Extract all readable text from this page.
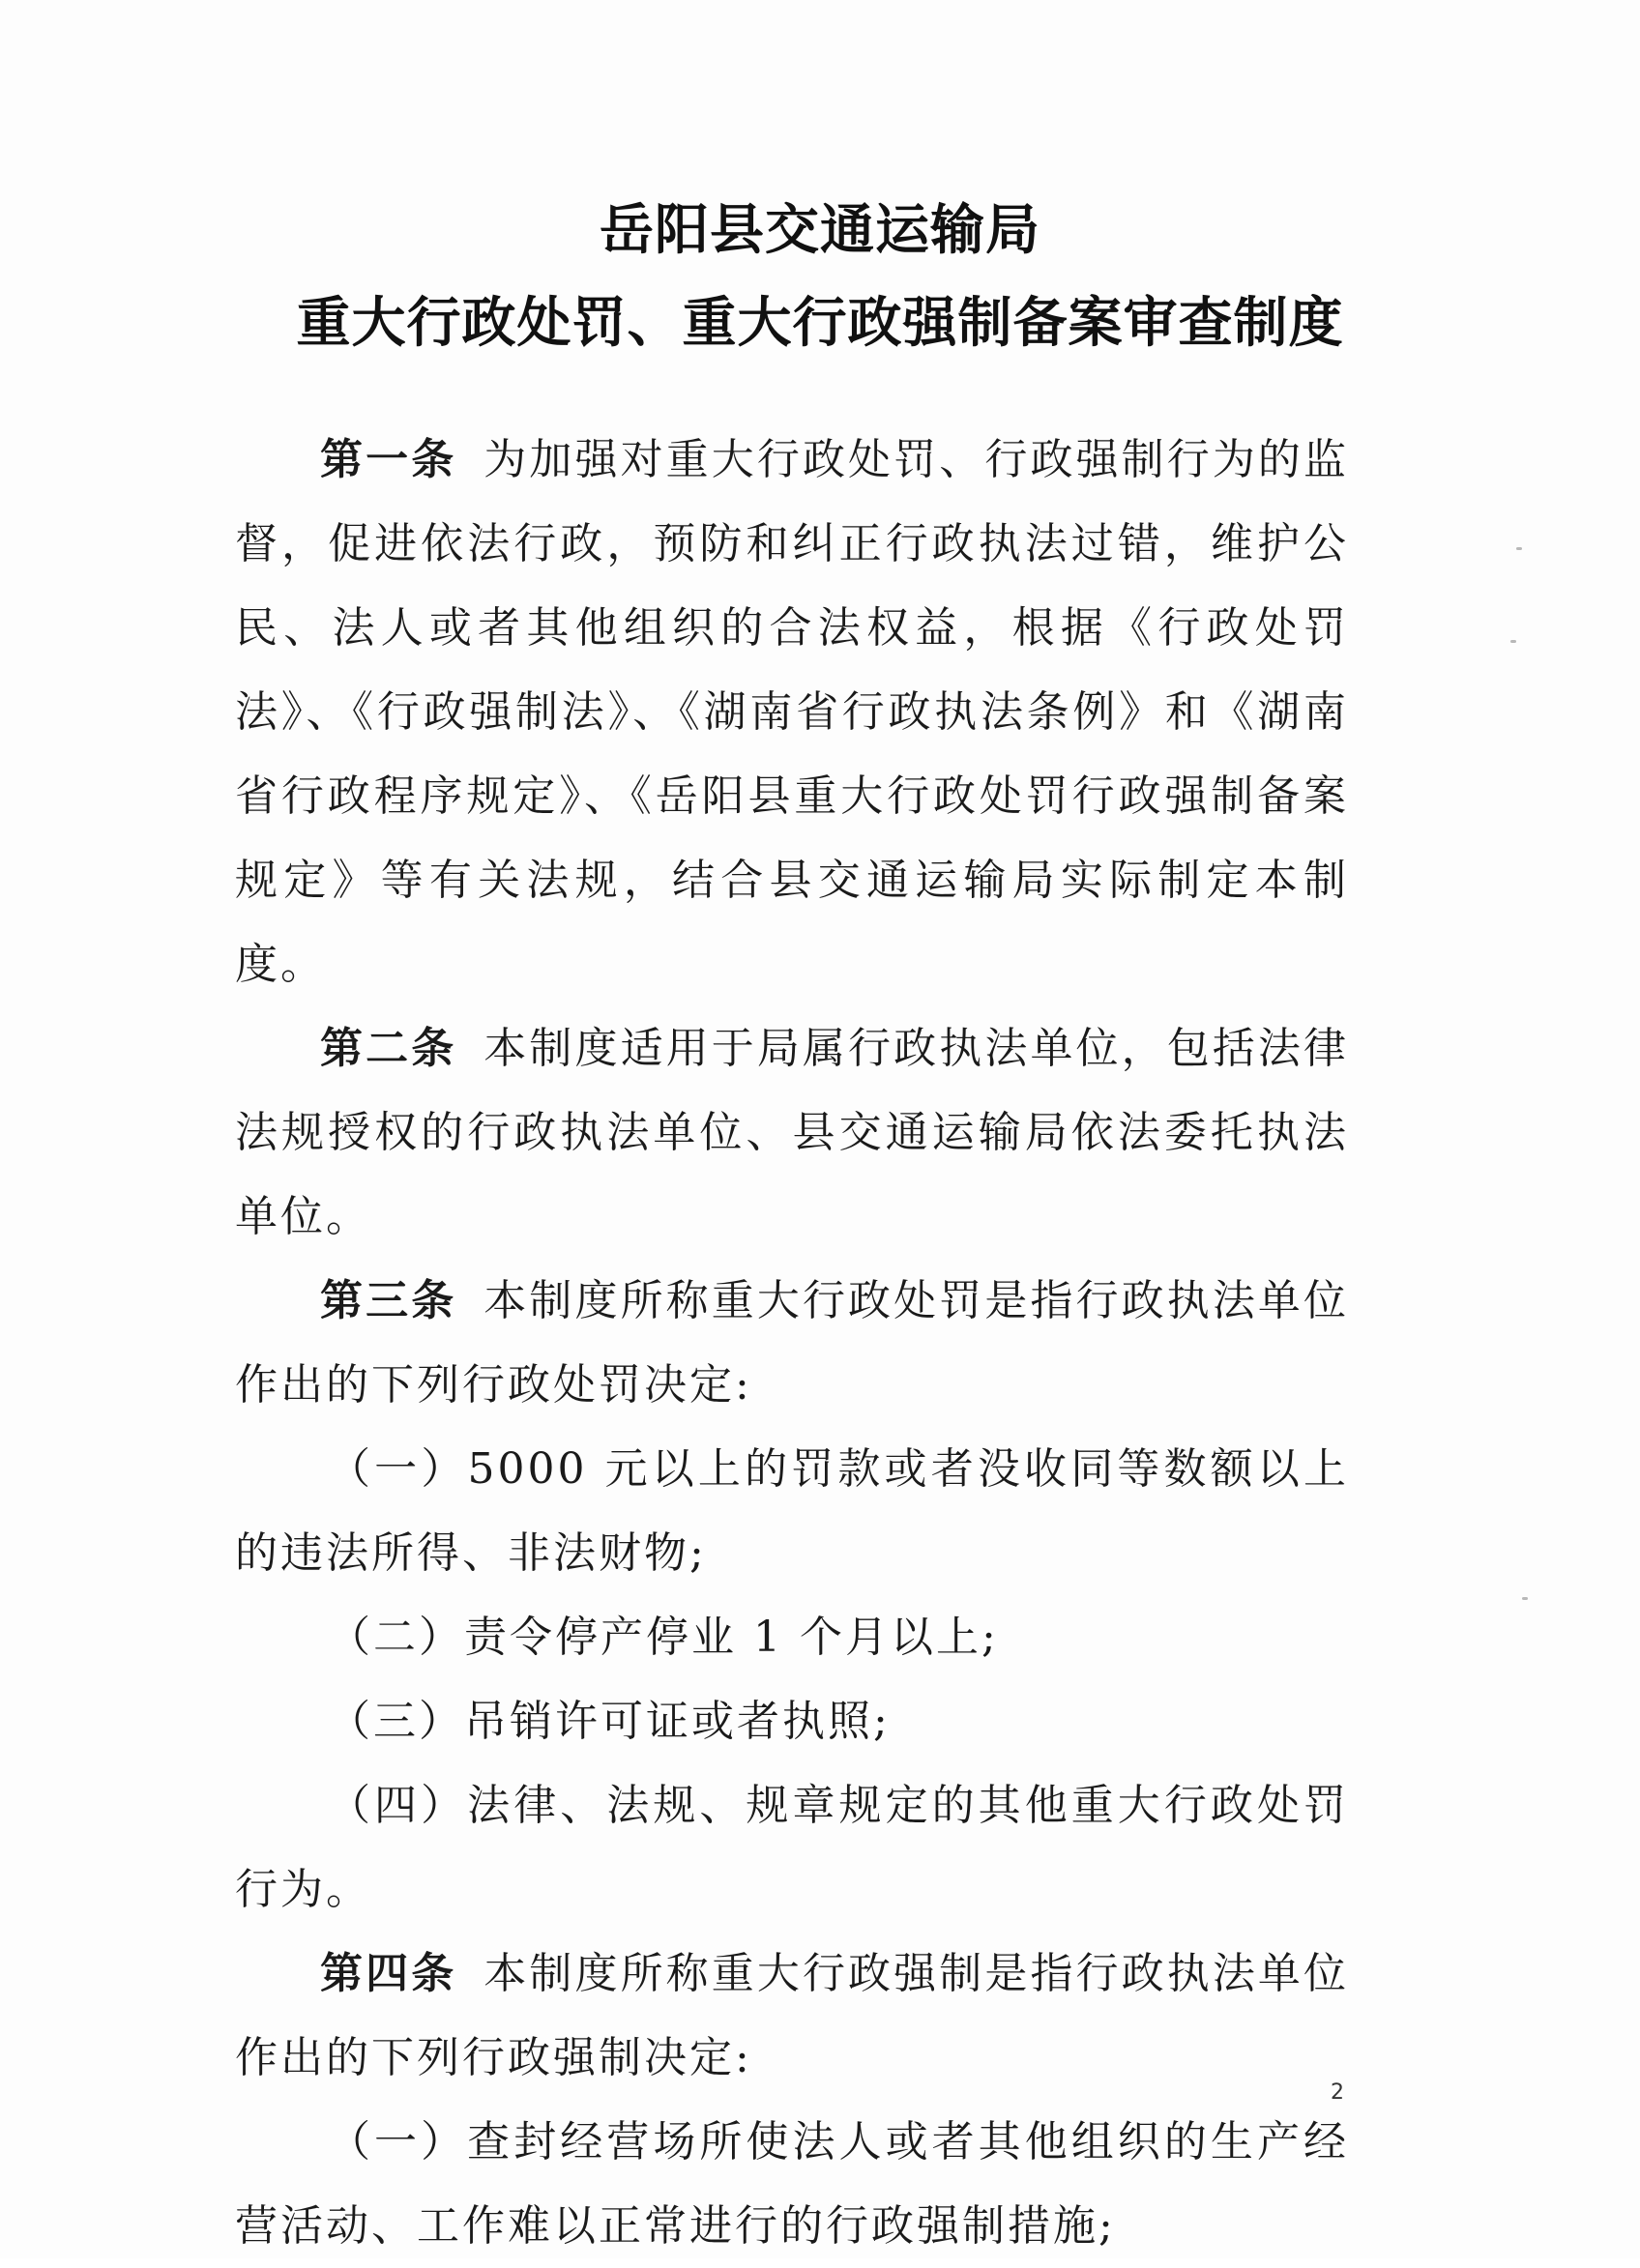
岳阳县交通运输局
重大行政处罚、重大行政强制备案审查制度

第一条 为加强对重大行政处罚、行政强制行为的监督，促进依法行政，预防和纠正行政执法过错，维护公民、法人或者其他组织的合法权益，根据《行政处罚法》、《行政强制法》、《湖南省行政执法条例》和《湖南省行政程序规定》、《岳阳县重大行政处罚行政强制备案规定》等有关法规，结合县交通运输局实际制定本制度。

第二条 本制度适用于局属行政执法单位，包括法律法规授权的行政执法单位、县交通运输局依法委托执法单位。

第三条 本制度所称重大行政处罚是指行政执法单位作出的下列行政处罚决定:

（一）5000 元以上的罚款或者没收同等数额以上的违法所得、非法财物;

（二）责令停产停业 1 个月以上;

（三）吊销许可证或者执照;

（四）法律、法规、规章规定的其他重大行政处罚行为。

第四条 本制度所称重大行政强制是指行政执法单位作出的下列行政强制决定:

（一）查封经营场所使法人或者其他组织的生产经营活动、工作难以正常进行的行政强制措施;

2
